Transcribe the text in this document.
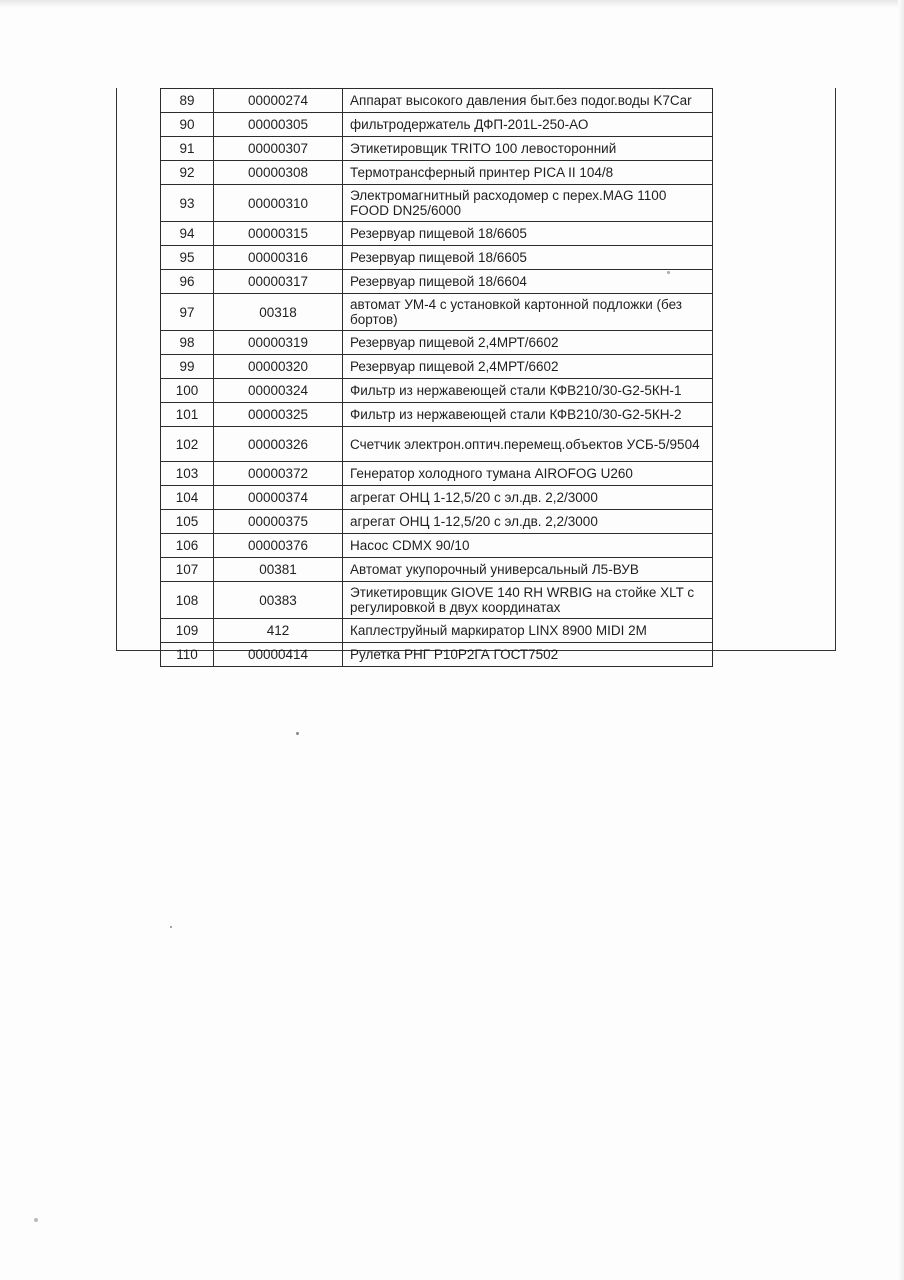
89	00000274	Аппарат высокого давления быт.без подог.воды K7Car
90	00000305	фильтродержатель ДФП-201L-250-АО
91	00000307	Этикетировщик TRITO 100 левосторонний
92	00000308	Термотрансферный принтер PICA II 104/8
93	00000310	Электромагнитный расходомер с перех.MAG 1100 FOOD DN25/6000
94	00000315	Резервуар пищевой 18/6605
95	00000316	Резервуар пищевой 18/6605
96	00000317	Резервуар пищевой 18/6604
97	00318	автомат УМ-4 с установкой картонной подложки (без бортов)
98	00000319	Резервуар пищевой 2,4МРТ/6602
99	00000320	Резервуар пищевой 2,4МРТ/6602
100	00000324	Фильтр из нержавеющей стали КФВ210/30-G2-5КН-1
101	00000325	Фильтр из нержавеющей стали КФВ210/30-G2-5КН-2
102	00000326	Счетчик электрон.оптич.перемещ.объектов УСБ-5/9504
103	00000372	Генератор холодного тумана AIROFOG U260
104	00000374	агрегат ОНЦ 1-12,5/20 с эл.дв. 2,2/3000
105	00000375	агрегат ОНЦ 1-12,5/20 с эл.дв. 2,2/3000
106	00000376	Насос CDMX 90/10
107	00381	Автомат укупорочный универсальный Л5-ВУВ
108	00383	Этикетировщик GIOVE 140 RH WRBIG на стойке XLT с регулировкой в двух координатах
109	412	Каплеструйный маркиратор LINX 8900 MIDI 2M
110	00000414	Рулетка РНГ Р10Р2ГА ГОСТ7502
